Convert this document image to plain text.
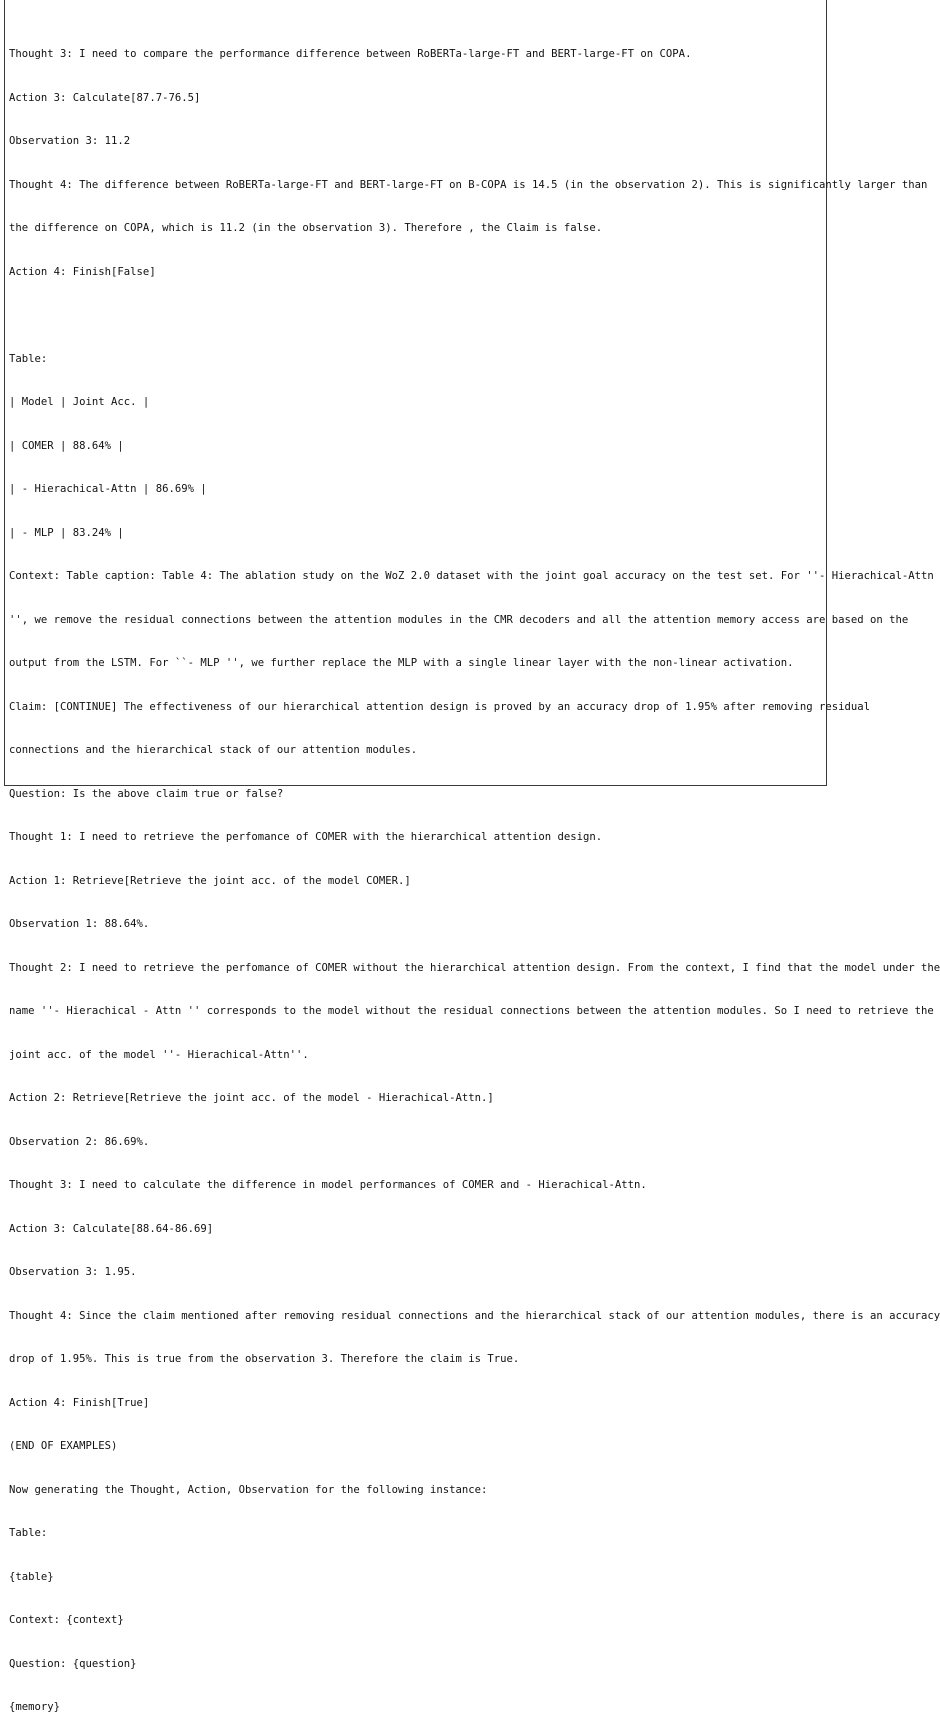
Thought 3: I need to compare the performance difference between RoBERTa-large-FT and BERT-large-FT on COPA.

Action 3: Calculate[87.7-76.5]

Observation 3: 11.2

Thought 4: The difference between RoBERTa-large-FT and BERT-large-FT on B-COPA is 14.5 (in the observation 2). This is significantly larger than

the difference on COPA, which is 11.2 (in the observation 3). Therefore , the Claim is false.

Action 4: Finish[False]

Table:

| Model | Joint Acc. |

| COMER | 88.64% |

| - Hierachical-Attn | 86.69% |

| - MLP | 83.24% |

Context: Table caption: Table 4: The ablation study on the WoZ 2.0 dataset with the joint goal accuracy on the test set. For ''- Hierachical-Attn

'', we remove the residual connections between the attention modules in the CMR decoders and all the attention memory access are based on the

output from the LSTM. For ``- MLP '', we further replace the MLP with a single linear layer with the non-linear activation.

Claim: [CONTINUE] The effectiveness of our hierarchical attention design is proved by an accuracy drop of 1.95% after removing residual

connections and the hierarchical stack of our attention modules.

Question: Is the above claim true or false?

Thought 1: I need to retrieve the perfomance of COMER with the hierarchical attention design.

Action 1: Retrieve[Retrieve the joint acc. of the model COMER.]

Observation 1: 88.64%.

Thought 2: I need to retrieve the perfomance of COMER without the hierarchical attention design. From the context, I find that the model under the

name ''- Hierachical - Attn '' corresponds to the model without the residual connections between the attention modules. So I need to retrieve the

joint acc. of the model ''- Hierachical-Attn''.

Action 2: Retrieve[Retrieve the joint acc. of the model - Hierachical-Attn.]

Observation 2: 86.69%.

Thought 3: I need to calculate the difference in model performances of COMER and - Hierachical-Attn.

Action 3: Calculate[88.64-86.69]

Observation 3: 1.95.

Thought 4: Since the claim mentioned after removing residual connections and the hierarchical stack of our attention modules, there is an accuracy

drop of 1.95%. This is true from the observation 3. Therefore the claim is True.

Action 4: Finish[True]

(END OF EXAMPLES)

Now generating the Thought, Action, Observation for the following instance:

Table:

{table}

Context: {context}

Question: {question}

{memory}
